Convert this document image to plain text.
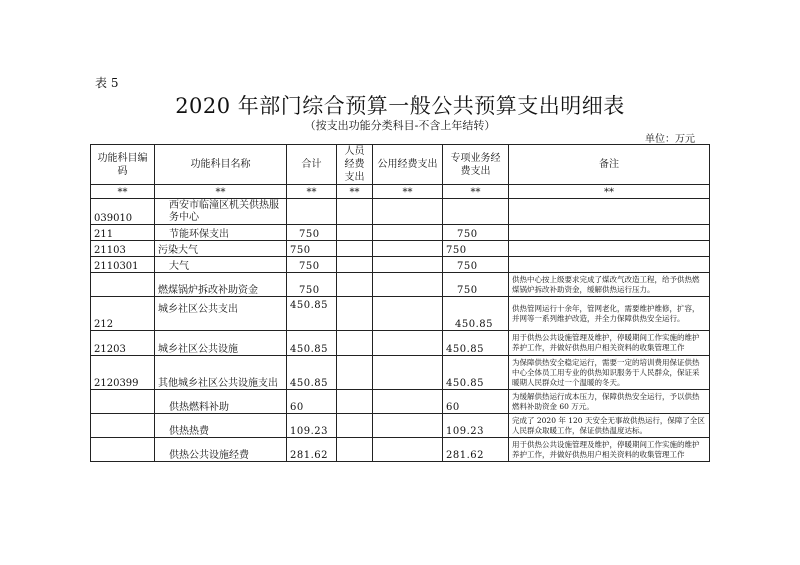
表 5
2020 年部门综合预算一般公共预算支出明细表
（按支出功能分类科目-不含上年结转）
单位：万元
功能科目编码	功能科目名称	合计	人员经费支出	公用经费支出	专项业务经费支出	备注
**	**	**	**	**	**	**
039010	西安市临潼区机关供热服务中心					
211	节能环保支出	750			750	
21103	污染大气	750			750	
2110301	大气	750			750	
	燃煤锅炉拆改补助资金	750			750	供热中心按上级要求完成了煤改气改造工程，给予供热燃煤锅炉拆改补助资金，缓解供热运行压力。
212	城乡社区公共支出	450.85			450.85	供热管网运行十余年，管网老化，需要维护维修，扩容，并网等一系列维护改造，并全力保障供热安全运行。
21203	城乡社区公共设施	450.85			450.85	用于供热公共设施管理及维护，停暖期间工作实施的维护养护工作，并做好供热用户相关资料的收集管理工作
2120399	其他城乡社区公共设施支出	450.85			450.85	为保障供热安全稳定运行，需要一定的培训费用保证供热中心全体员工用专业的供热知识服务于人民群众，保证采暖期人民群众过一个温暖的冬天。
	供热燃料补助	60			60	为缓解供热运行成本压力，保障供热安全运行，予以供热燃料补助资金 60 万元。
	供热热费	109.23			109.23	完成了 2020 年 120 天安全无事故供热运行，保障了全区人民群众取暖工作，保证供热温度达标。
	供热公共设施经费	281.62			281.62	用于供热公共设施管理及维护，停暖期间工作实施的维护养护工作，并做好供热用户相关资料的收集管理工作
